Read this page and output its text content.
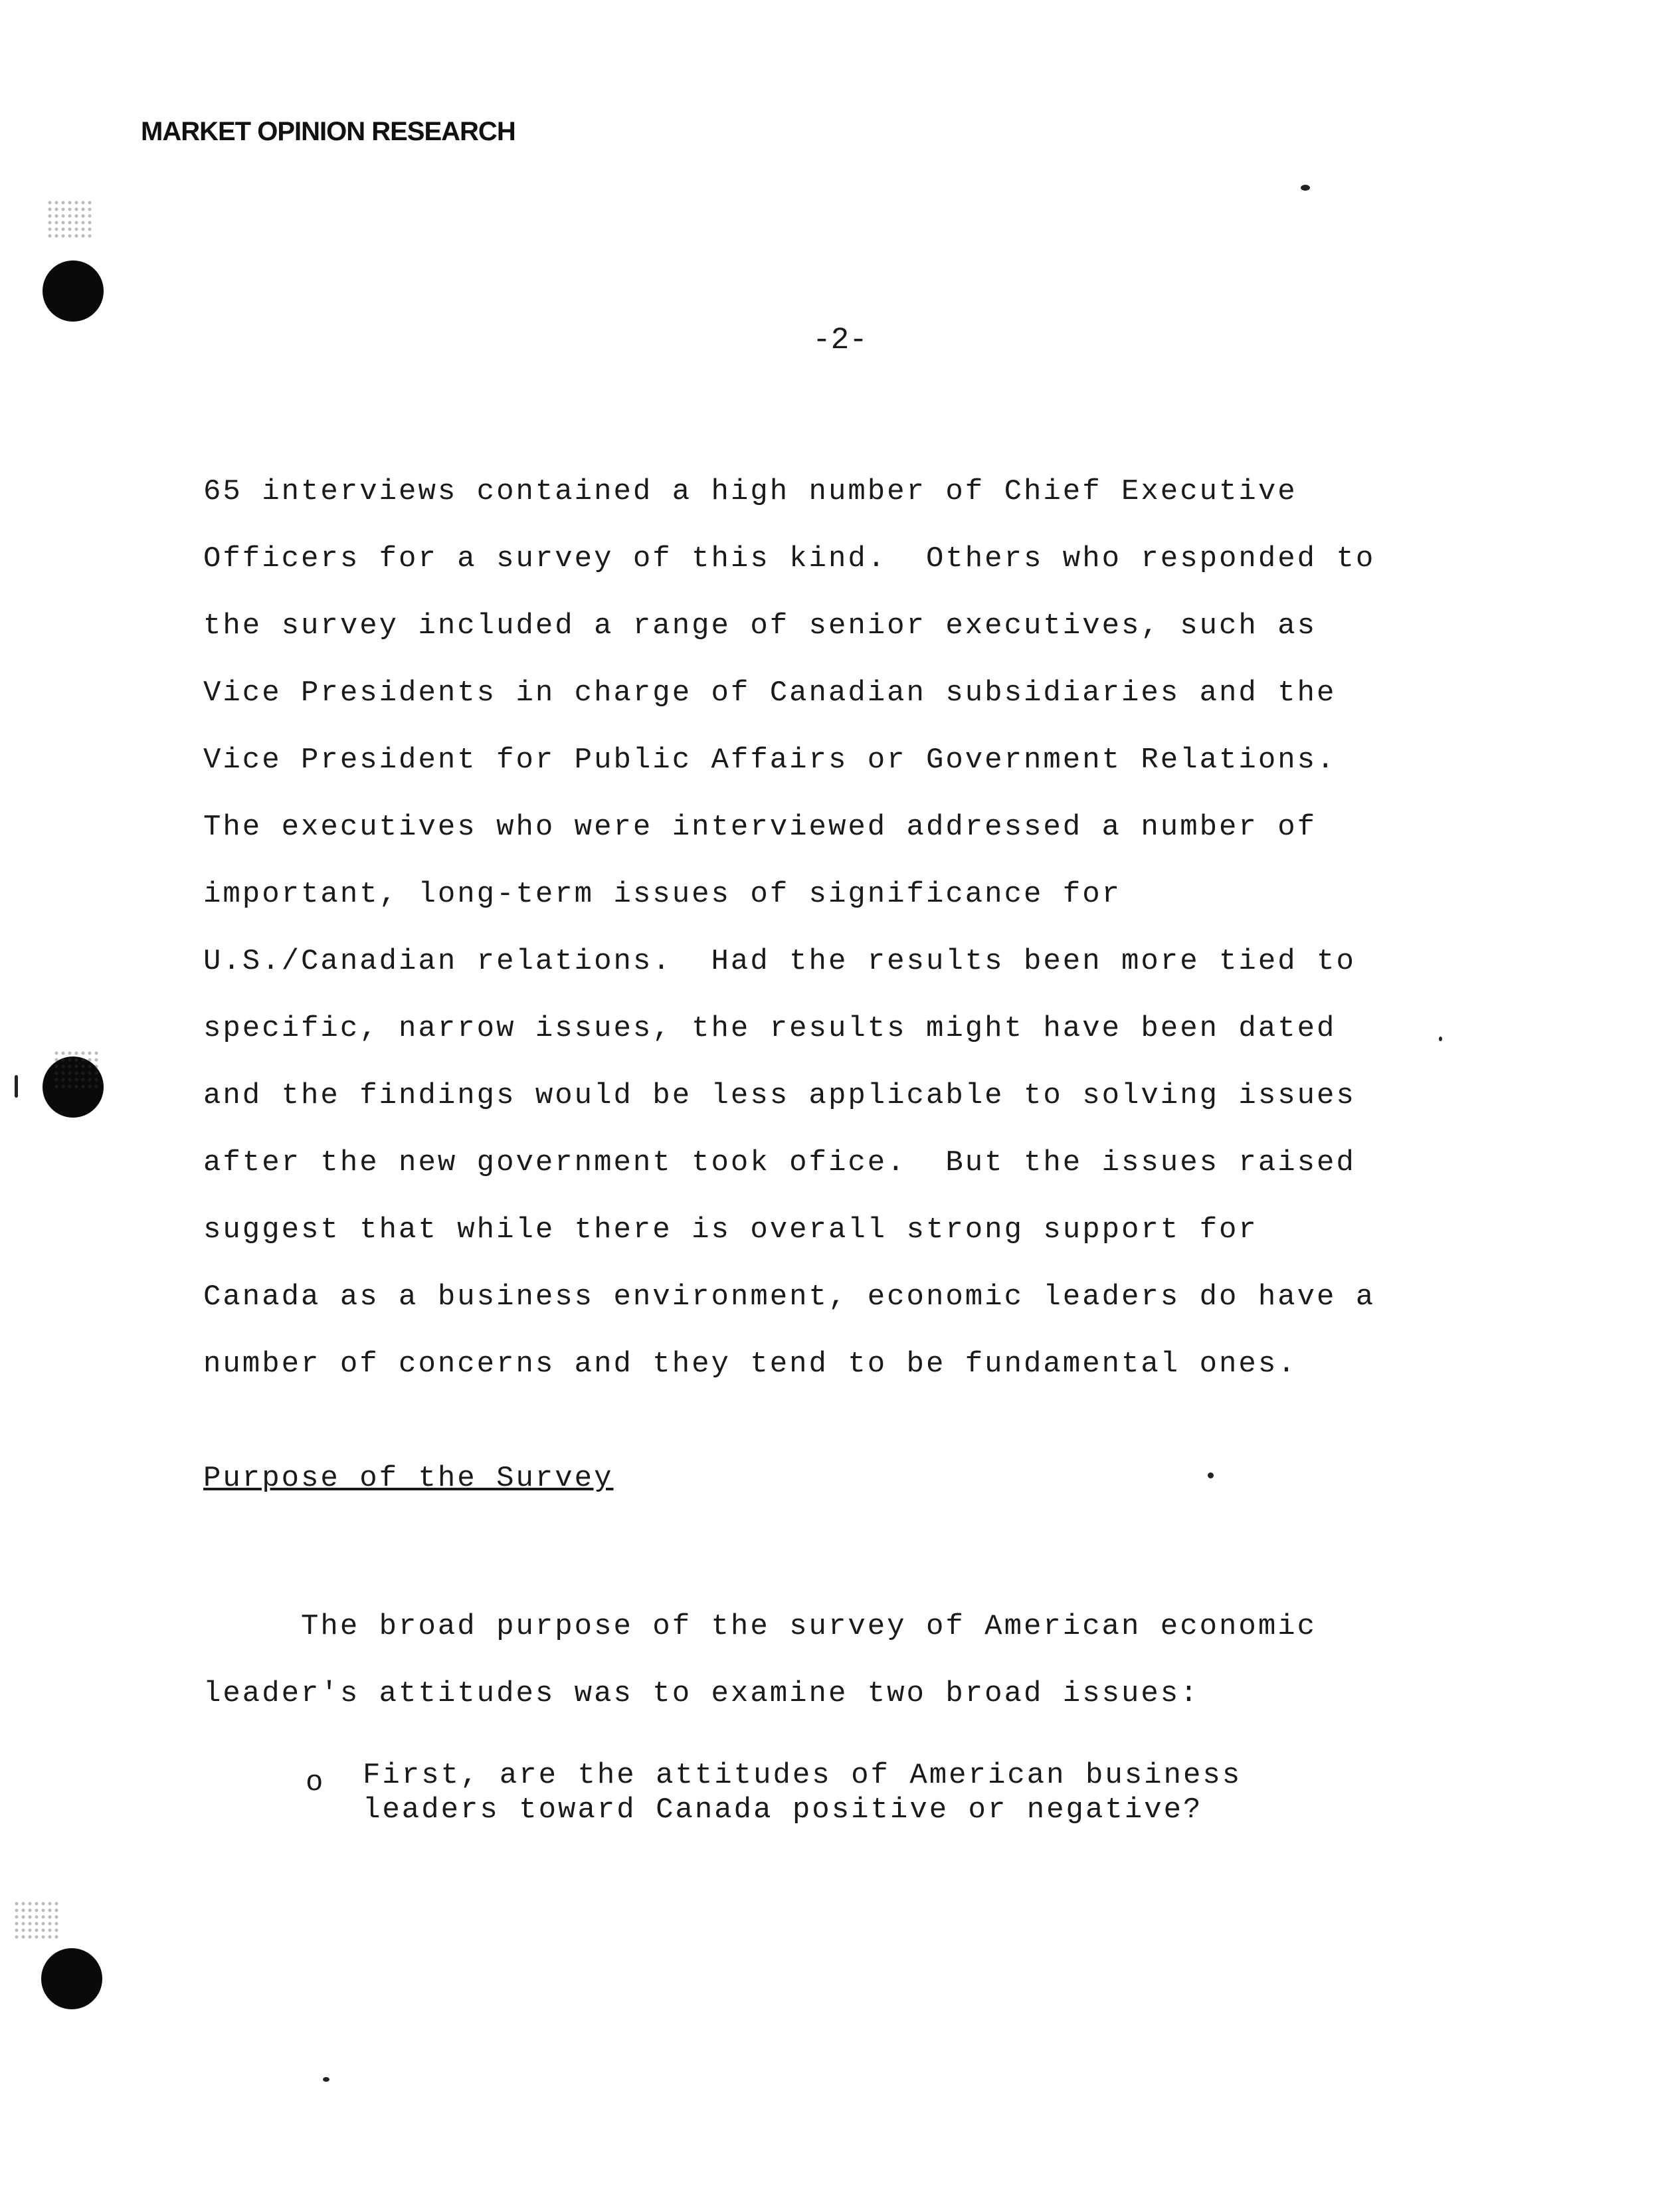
MARKET OPINION RESEARCH
-2-
65 interviews contained a high number of Chief Executive
Officers for a survey of this kind.  Others who responded to
the survey included a range of senior executives, such as
Vice Presidents in charge of Canadian subsidiaries and the
Vice President for Public Affairs or Government Relations.
The executives who were interviewed addressed a number of
important, long-term issues of significance for
U.S./Canadian relations.  Had the results been more tied to
specific, narrow issues, the results might have been dated
and the findings would be less applicable to solving issues
after the new government took ofice.  But the issues raised
suggest that while there is overall strong support for
Canada as a business environment, economic leaders do have a
number of concerns and they tend to be fundamental ones.
Purpose of the Survey
The broad purpose of the survey of American economic
leader's attitudes was to examine two broad issues:
o First, are the attitudes of American business
leaders toward Canada positive or negative?
